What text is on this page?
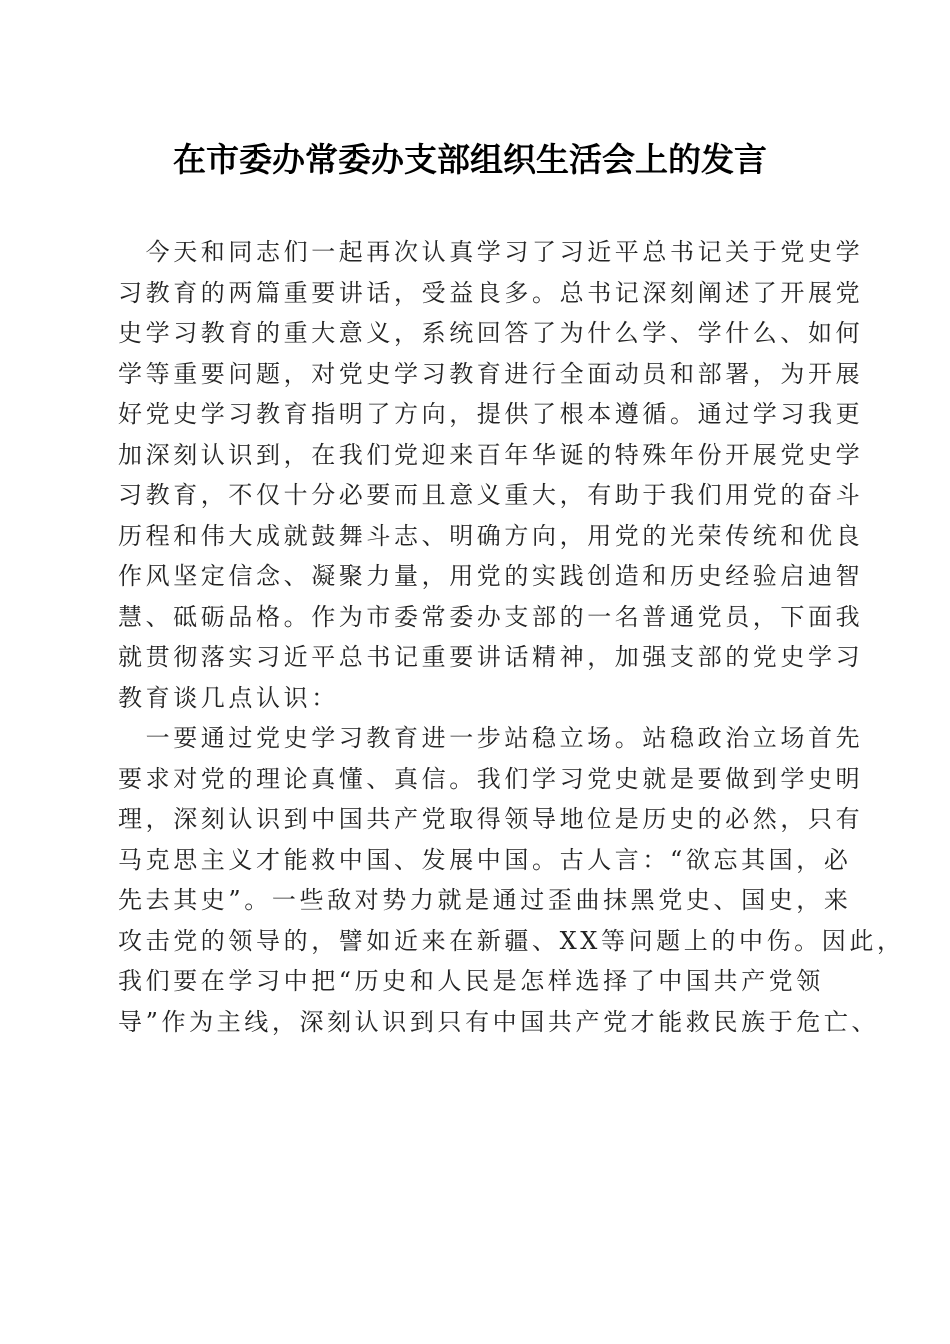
在市委办常委办支部组织生活会上的发言

　今天和同志们一起再次认真学习了习近平总书记关于党史学

习教育的两篇重要讲话，受益良多。总书记深刻阐述了开展党

史学习教育的重大意义，系统回答了为什么学、学什么、如何

学等重要问题，对党史学习教育进行全面动员和部署，为开展

好党史学习教育指明了方向，提供了根本遵循。通过学习我更

加深刻认识到，在我们党迎来百年华诞的特殊年份开展党史学

习教育，不仅十分必要而且意义重大，有助于我们用党的奋斗

历程和伟大成就鼓舞斗志、明确方向，用党的光荣传统和优良

作风坚定信念、凝聚力量，用党的实践创造和历史经验启迪智

慧、砥砺品格。作为市委常委办支部的一名普通党员，下面我

就贯彻落实习近平总书记重要讲话精神，加强支部的党史学习

教育谈几点认识：

　一要通过党史学习教育进一步站稳立场。站稳政治立场首先

要求对党的理论真懂、真信。我们学习党史就是要做到学史明

理，深刻认识到中国共产党取得领导地位是历史的必然，只有

马克思主义才能救中国、发展中国。古人言：“欲忘其国，必

先去其史”。一些敌对势力就是通过歪曲抹黑党史、国史，来

攻击党的领导的，譬如近来在新疆、XX等问题上的中伤。因此，

我们要在学习中把“历史和人民是怎样选择了中国共产党领

导”作为主线，深刻认识到只有中国共产党才能救民族于危亡、
